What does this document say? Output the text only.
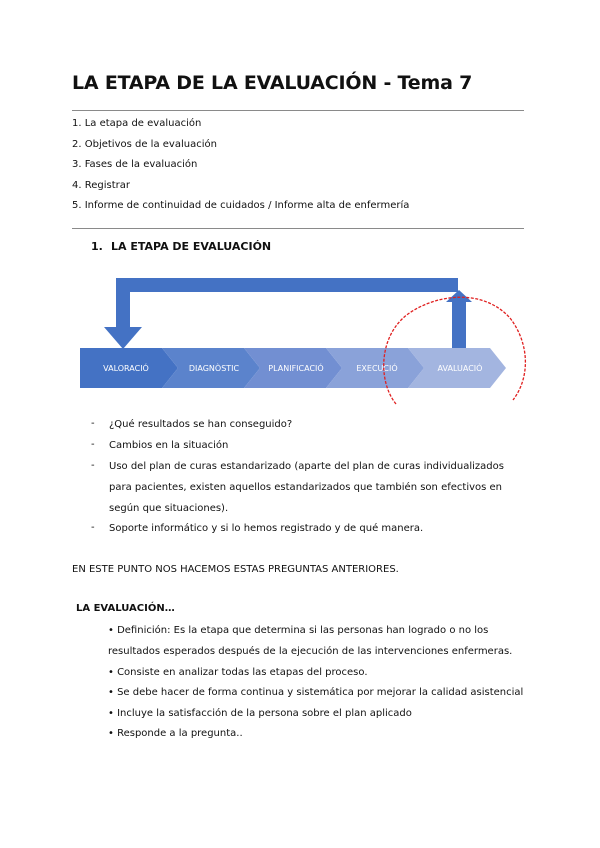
LA ETAPA DE LA EVALUACIÓN - Tema 7
1. La etapa de evaluación
2. Objetivos de la evaluación
3. Fases de la evaluación
4. Registrar
5. Informe de continuidad de cuidados / Informe alta de enfermería
1. LA ETAPA DE EVALUACIÓN
VALORACIÓ	DIAGNÒSTIC	PLANIFICACIÓ	EXECUCIÓ	AVALUACIÓ
- ¿Qué resultados se han conseguido?
- Cambios en la situación
- Uso del plan de curas estandarizado (aparte del plan de curas individualizados para pacientes, existen aquellos estandarizados que también son efectivos en según que situaciones).
- Soporte informático y si lo hemos registrado y de qué manera.
EN ESTE PUNTO NOS HACEMOS ESTAS PREGUNTAS ANTERIORES.
LA EVALUACIÓN…
• Definición: Es la etapa que determina si las personas han logrado o no los resultados esperados después de la ejecución de las intervenciones enfermeras.
• Consiste en analizar todas las etapas del proceso.
• Se debe hacer de forma continua y sistemática por mejorar la calidad asistencial
• Incluye la satisfacción de la persona sobre el plan aplicado
• Responde a la pregunta..
